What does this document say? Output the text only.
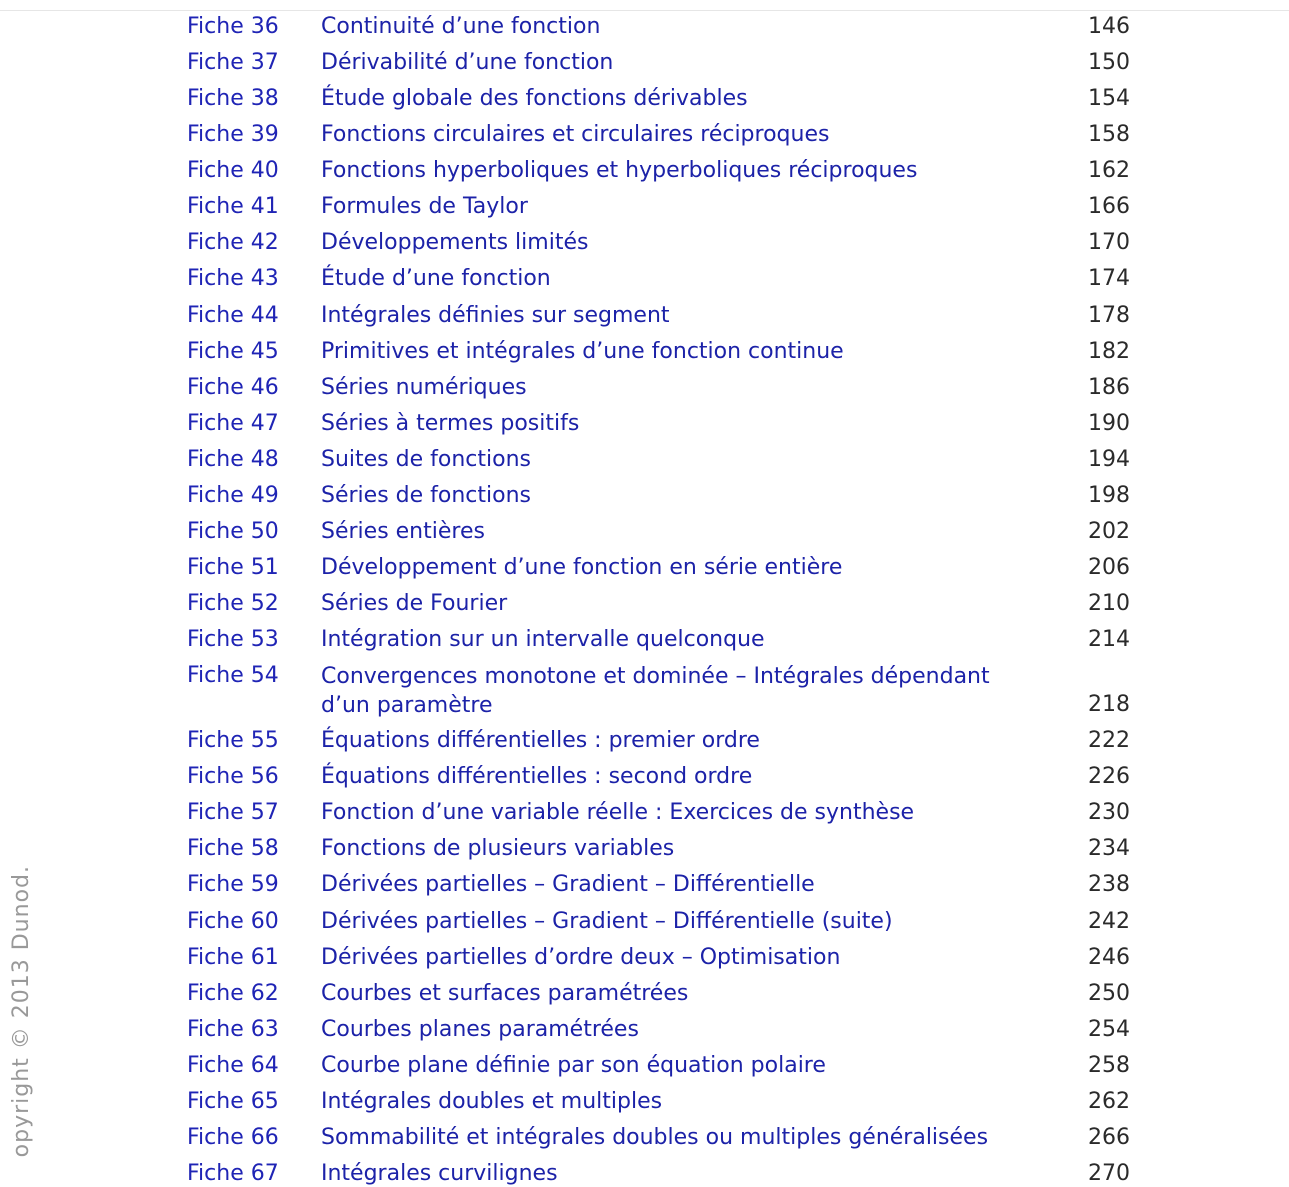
Fiche 36 Continuité d’une fonction	146
Fiche 37 Dérivabilité d’une fonction	150
Fiche 38 Étude globale des fonctions dérivables	154
Fiche 39 Fonctions circulaires et circulaires réciproques	158
Fiche 40 Fonctions hyperboliques et hyperboliques réciproques	162
Fiche 41 Formules de Taylor	166
Fiche 42 Développements limités	170
Fiche 43 Étude d’une fonction	174
Fiche 44 Intégrales définies sur segment	178
Fiche 45 Primitives et intégrales d’une fonction continue	182
Fiche 46 Séries numériques	186
Fiche 47 Séries à termes positifs	190
Fiche 48 Suites de fonctions	194
Fiche 49 Séries de fonctions	198
Fiche 50 Séries entières	202
Fiche 51 Développement d’une fonction en série entière	206
Fiche 52 Séries de Fourier	210
Fiche 53 Intégration sur un intervalle quelconque	214
Fiche 54 Convergences monotone et dominée – Intégrales dépendant d’un paramètre	218
Fiche 55 Équations différentielles : premier ordre	222
Fiche 56 Équations différentielles : second ordre	226
Fiche 57 Fonction d’une variable réelle : Exercices de synthèse	230
Fiche 58 Fonctions de plusieurs variables	234
Fiche 59 Dérivées partielles – Gradient – Différentielle	238
Fiche 60 Dérivées partielles – Gradient – Différentielle (suite)	242
Fiche 61 Dérivées partielles d’ordre deux – Optimisation	246
Fiche 62 Courbes et surfaces paramétrées	250
Fiche 63 Courbes planes paramétrées	254
Fiche 64 Courbe plane définie par son équation polaire	258
Fiche 65 Intégrales doubles et multiples	262
Fiche 66 Sommabilité et intégrales doubles ou multiples généralisées	266
Fiche 67 Intégrales curvilignes	270
opyright © 2013 Dunod.
